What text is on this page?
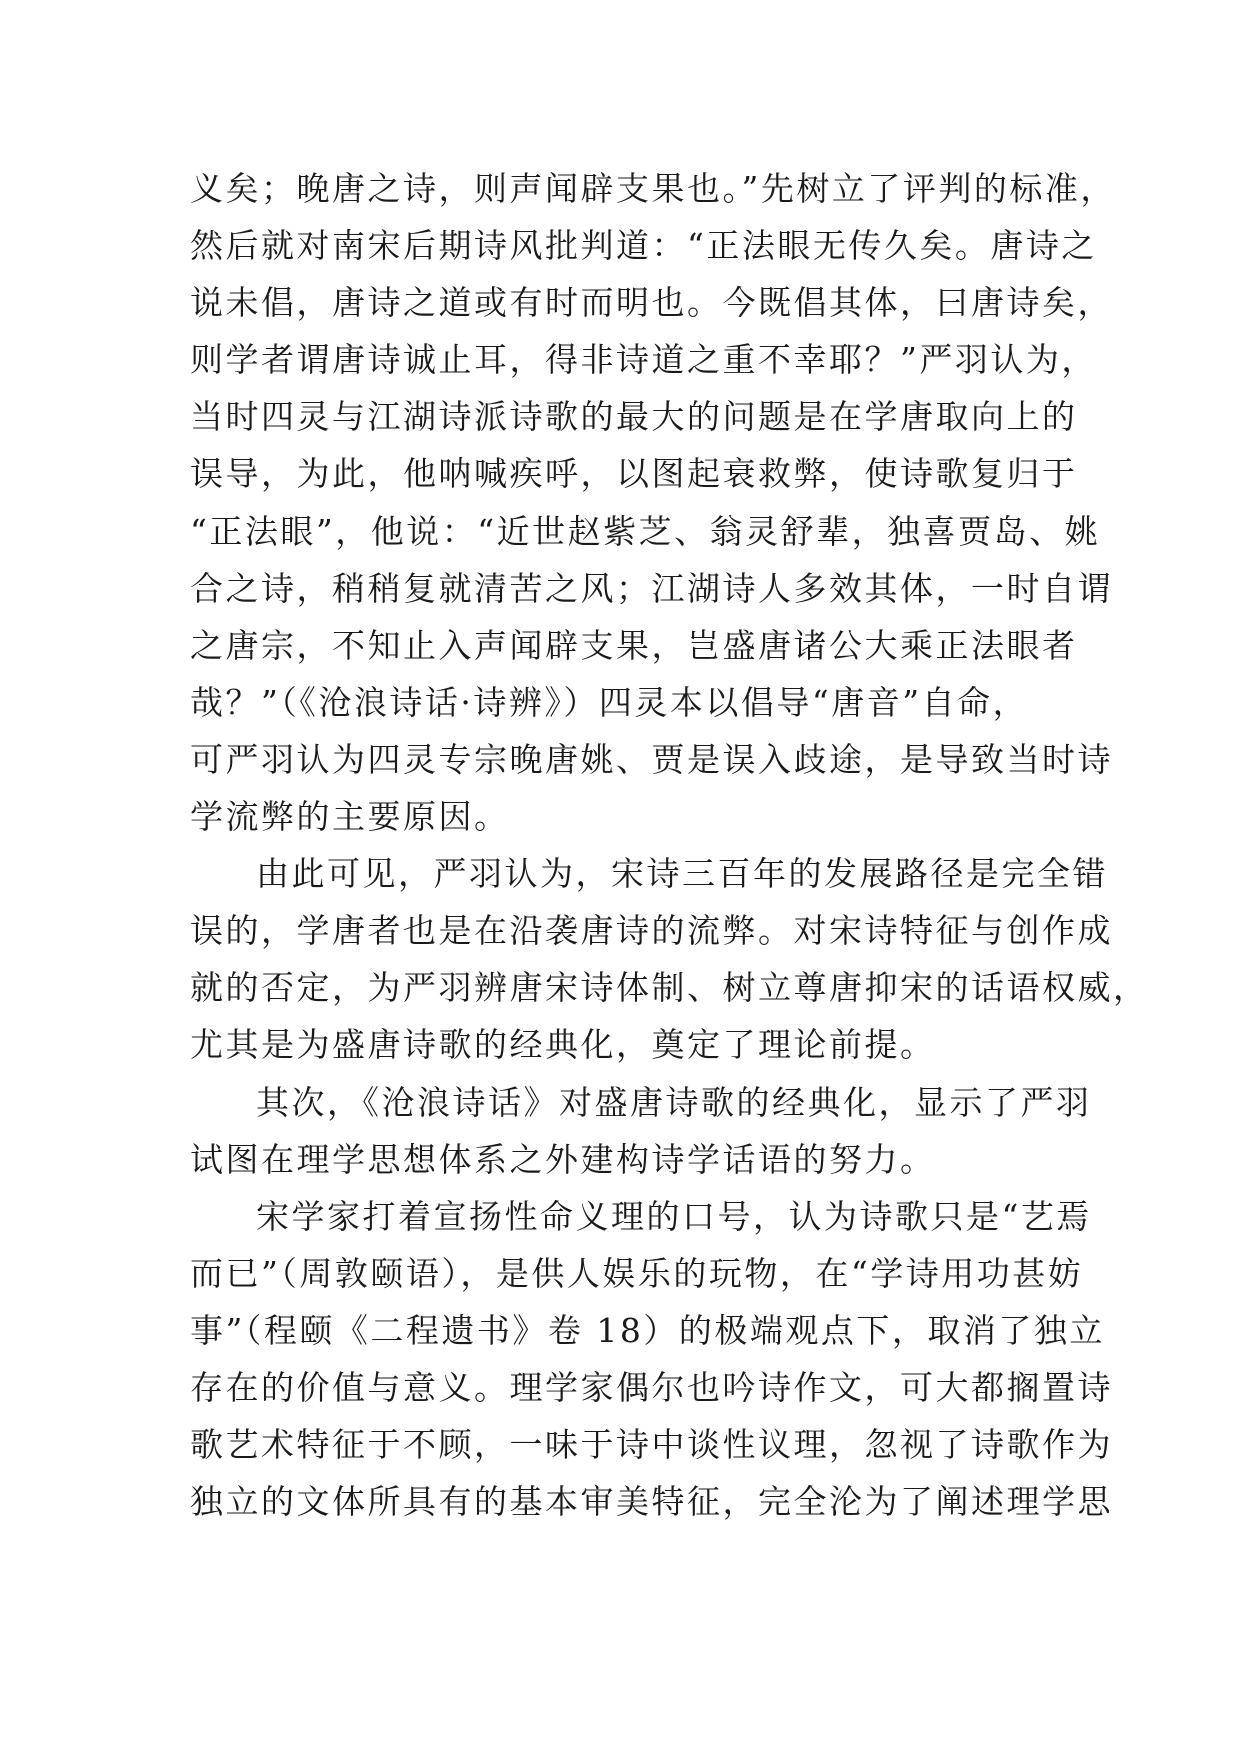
义矣；晚唐之诗，则声闻辟支果也。”先树立了评判的标准，
然后就对南宋后期诗风批判道：“正法眼无传久矣。唐诗之
说未倡，唐诗之道或有时而明也。今既倡其体，曰唐诗矣，
则学者谓唐诗诚止耳，得非诗道之重不幸耶？”严羽认为，
当时四灵与江湖诗派诗歌的最大的问题是在学唐取向上的
误导，为此，他呐喊疾呼，以图起衰救弊，使诗歌复归于
“正法眼”，他说：“近世赵紫芝、翁灵舒辈，独喜贾岛、姚
合之诗，稍稍复就清苦之风；江湖诗人多效其体，一时自谓
之唐宗，不知止入声闻辟支果，岂盛唐诸公大乘正法眼者
哉？”（《沧浪诗话·诗辨》）四灵本以倡导“唐音”自命，
可严羽认为四灵专宗晚唐姚、贾是误入歧途，是导致当时诗
学流弊的主要原因。
由此可见，严羽认为，宋诗三百年的发展路径是完全错
误的，学唐者也是在沿袭唐诗的流弊。对宋诗特征与创作成
就的否定，为严羽辨唐宋诗体制、树立尊唐抑宋的话语权威，
尤其是为盛唐诗歌的经典化，奠定了理论前提。
其次，《沧浪诗话》对盛唐诗歌的经典化，显示了严羽
试图在理学思想体系之外建构诗学话语的努力。
宋学家打着宣扬性命义理的口号，认为诗歌只是“艺焉
而已”（周敦颐语），是供人娱乐的玩物，在“学诗用功甚妨
事”（程颐《二程遗书》卷 18）的极端观点下，取消了独立
存在的价值与意义。理学家偶尔也吟诗作文，可大都搁置诗
歌艺术特征于不顾，一味于诗中谈性议理，忽视了诗歌作为
独立的文体所具有的基本审美特征，完全沦为了阐述理学思
